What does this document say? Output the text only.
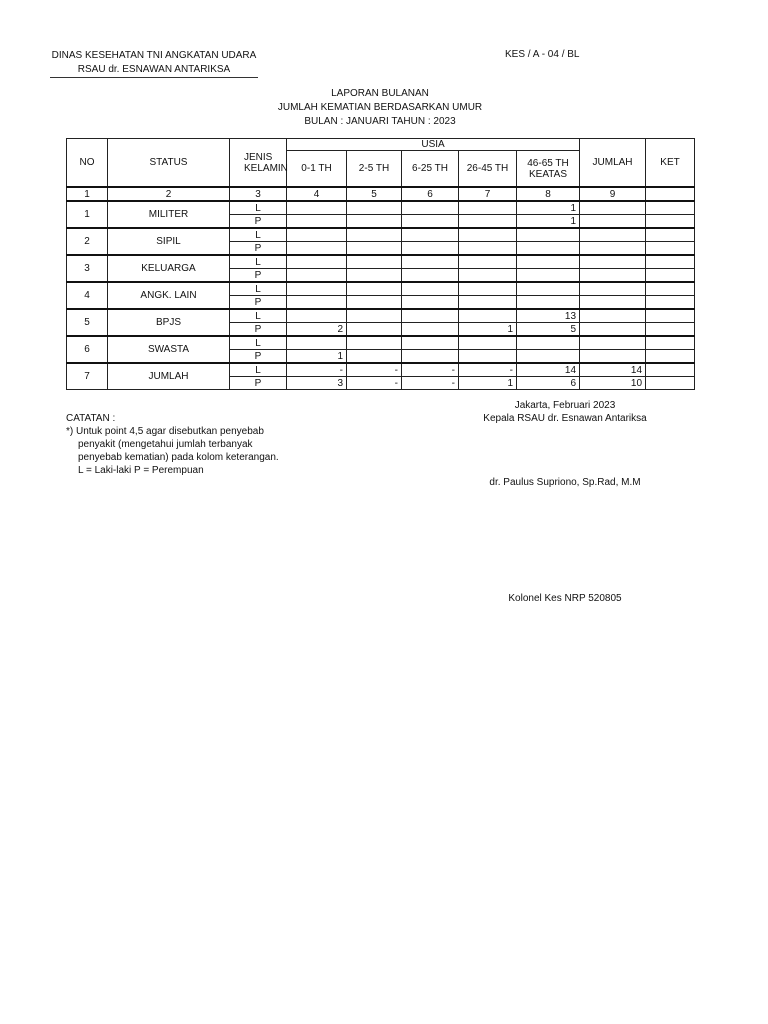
DINAS KESEHATAN TNI ANGKATAN UDARA
RSAU dr. ESNAWAN ANTARIKSA
KES / A - 04 / BL
LAPORAN BULANAN
JUMLAH KEMATIAN BERDASARKAN UMUR
BULAN : JANUARI TAHUN : 2023
NO	STATUS	JENIS KELAMIN	USIA					JUMLAH	KET
			0-1 TH	2-5 TH	6-25 TH	26-45 TH	46-65 TH KEATAS		
1	2	3	4	5	6	7	8	9	
1	MILITER	L					1		
		P					1		
2	SIPIL	L							
		P							
3	KELUARGA	L							
		P							
4	ANGK. LAIN	L							
		P							
5	BPJS	L					13		
		P	2			1	5		
6	SWASTA	L							
		P	1						
7	JUMLAH	L	-	-	-	-	14	14	
		P	3	-	-	1	6	10	
CATATAN :
*) Untuk point 4,5 agar disebutkan penyebab
penyakit (mengetahui jumlah terbanyak
penyebab kematian) pada kolom keterangan.
L = Laki-laki P = Perempuan
Jakarta, Februari 2023
Kepala RSAU dr. Esnawan Antariksa
dr. Paulus Supriono, Sp.Rad, M.M
Kolonel Kes NRP 520805
